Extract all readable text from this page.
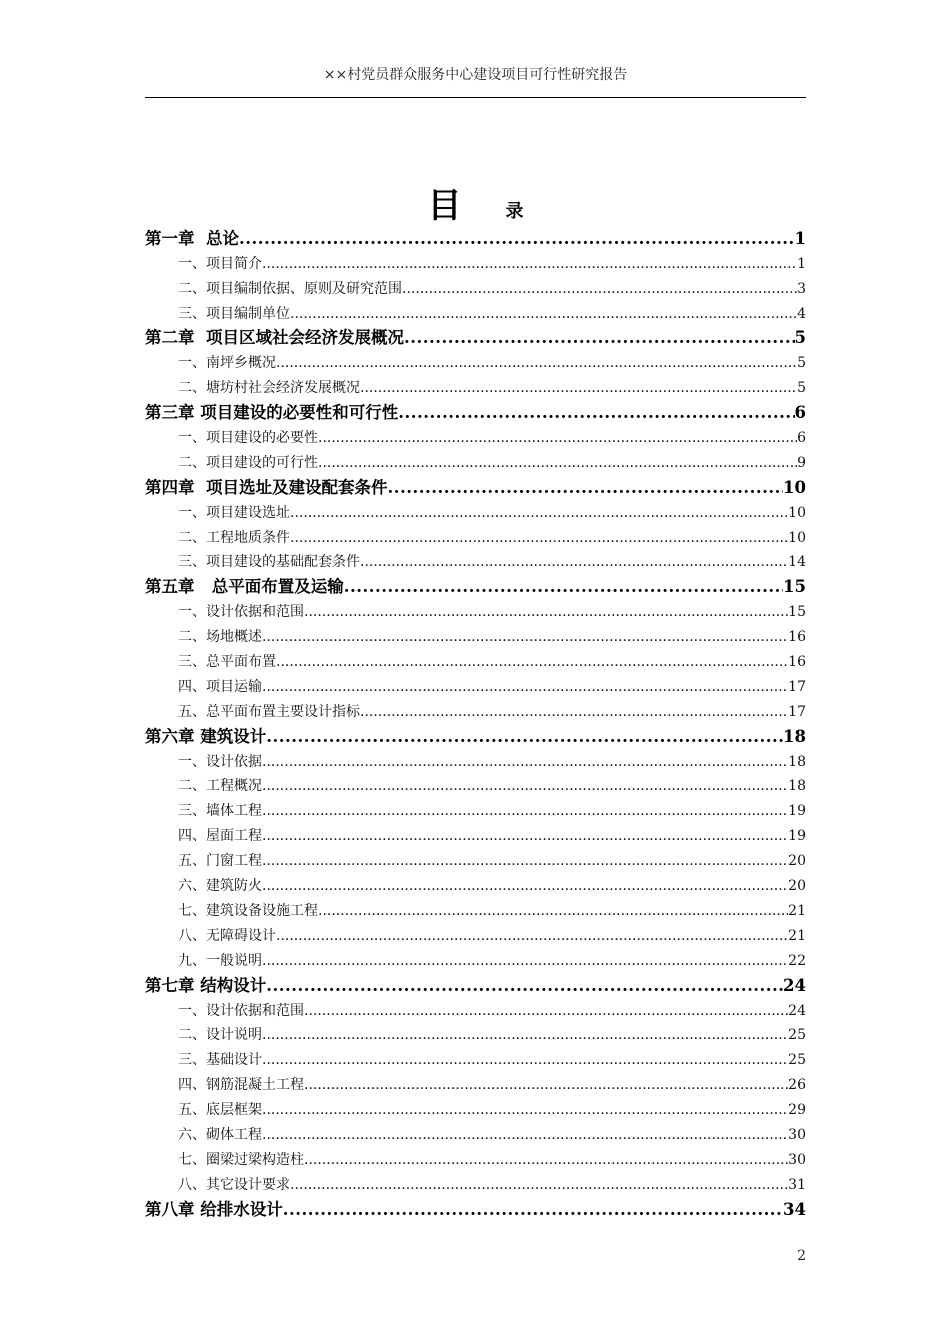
××村党员群众服务中心建设项目可行性研究报告
目 录
第一章  总论 .....	1
一、项目简介 .....	1
二、项目编制依据、原则及研究范围 .....	3
三、项目编制单位 .....	4
第二章  项目区域社会经济发展概况 .....	5
一、南坪乡概况 .....	5
二、塘坊村社会经济发展概况 .....	5
第三章 项目建设的必要性和可行性 .....	6
一、项目建设的必要性 .....	6
二、项目建设的可行性 .....	9
第四章  项目选址及建设配套条件 .....	10
一、项目建设选址 .....	10
二、工程地质条件 .....	10
三、项目建设的基础配套条件 .....	14
第五章   总平面布置及运输 .....	15
一、设计依据和范围 .....	15
二、场地概述 .....	16
三、总平面布置 .....	16
四、项目运输 .....	17
五、总平面布置主要设计指标 .....	17
第六章 建筑设计 .....	18
一、设计依据 .....	18
二、工程概况 .....	18
三、墙体工程 .....	19
四、屋面工程 .....	19
五、门窗工程 .....	20
六、建筑防火 .....	20
七、建筑设备设施工程 .....	21
八、无障碍设计 .....	21
九、一般说明 .....	22
第七章 结构设计 .....	24
一、设计依据和范围 .....	24
二、设计说明 .....	25
三、基础设计 .....	25
四、钢筋混凝土工程 .....	26
五、底层框架 .....	29
六、砌体工程 .....	30
七、圈梁过梁构造柱 .....	30
八、其它设计要求 .....	31
第八章 给排水设计 .....	34
2
